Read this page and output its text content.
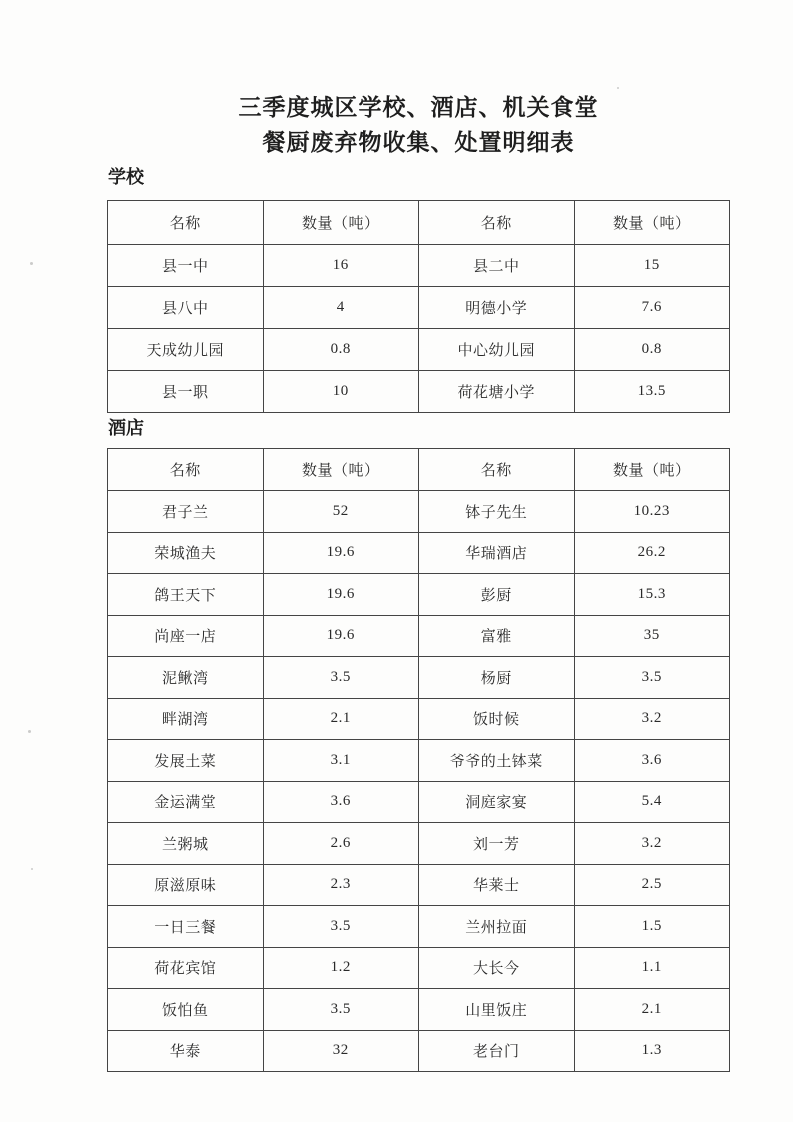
三季度城区学校、酒店、机关食堂
餐厨废弃物收集、处置明细表
学校
名称	数量（吨）	名称	数量（吨）
县一中	16	县二中	15
县八中	4	明德小学	7.6
天成幼儿园	0.8	中心幼儿园	0.8
县一职	10	荷花塘小学	13.5
酒店
名称	数量（吨）	名称	数量（吨）
君子兰	52	钵子先生	10.23
荣城渔夫	19.6	华瑞酒店	26.2
鸽王天下	19.6	彭厨	15.3
尚座一店	19.6	富雅	35
泥鳅湾	3.5	杨厨	3.5
畔湖湾	2.1	饭时候	3.2
发展土菜	3.1	爷爷的土钵菜	3.6
金运满堂	3.6	洞庭家宴	5.4
兰粥城	2.6	刘一芳	3.2
原滋原味	2.3	华莱士	2.5
一日三餐	3.5	兰州拉面	1.5
荷花宾馆	1.2	大长今	1.1
饭怕鱼	3.5	山里饭庄	2.1
华泰	32	老台门	1.3
